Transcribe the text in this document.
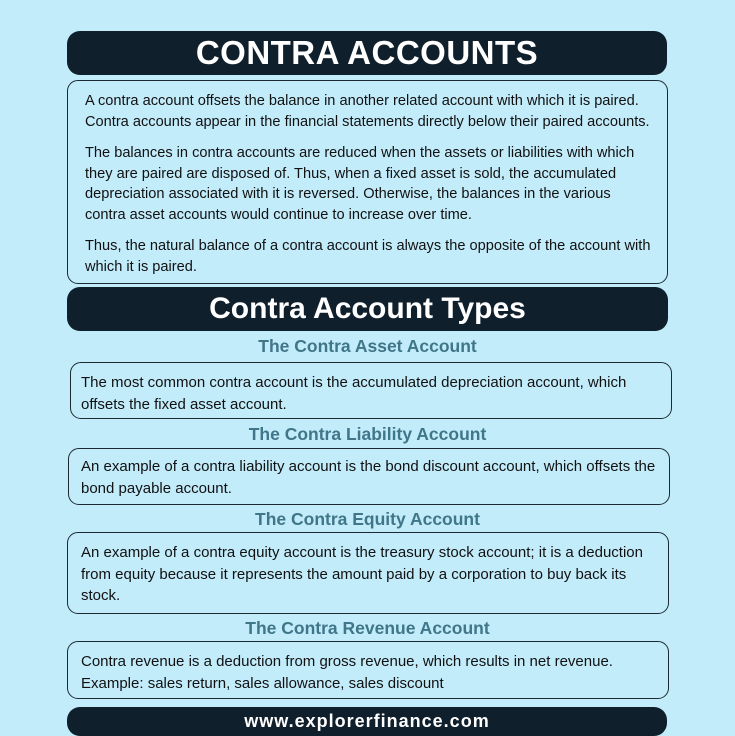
CONTRA ACCOUNTS

A contra account offsets the balance in another related account with which it is paired. Contra accounts appear in the financial statements directly below their paired accounts.

The balances in contra accounts are reduced when the assets or liabilities with which they are paired are disposed of. Thus, when a fixed asset is sold, the accumulated depreciation associated with it is reversed. Otherwise, the balances in the various contra asset accounts would continue to increase over time.

Thus, the natural balance of a contra account is always the opposite of the account with which it is paired.

Contra Account Types
The Contra Asset Account

The most common contra account is the accumulated depreciation account, which offsets the fixed asset account.

The Contra Liability Account

An example of a contra liability account is the bond discount account, which offsets the bond payable account.

The Contra Equity Account

An example of a contra equity account is the treasury stock account; it is a deduction from equity because it represents the amount paid by a corporation to buy back its stock.

The Contra Revenue Account

Contra revenue is a deduction from gross revenue, which results in net revenue. Example: sales return, sales allowance, sales discount

www.explorerfinance.com
